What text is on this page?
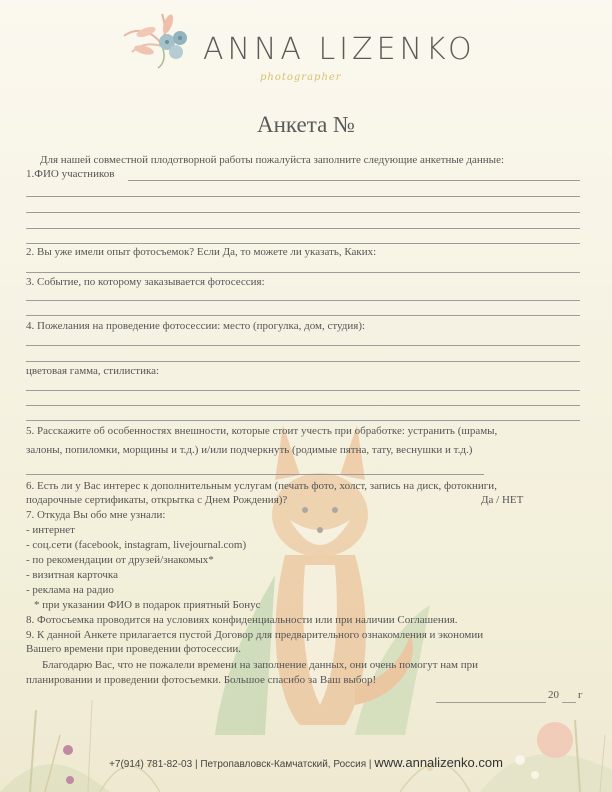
ANNA LIZENKO
photographer
Анкета №
Для нашей совместной плодотворной работы пожалуйста заполните следующие анкетные данные:
1.ФИО участников
2. Вы уже имели опыт фотосъемок? Если Да, то можете ли указать, Каких:
3. Событие, по которому заказывается фотосессия:
4. Пожелания на проведение фотосессии: место (прогулка, дом, студия):
цветовая гамма, стилистика:
5. Расскажите об особенностях внешности, которые стоит учесть при обработке: устранить (шрамы,
залоны, попиломки, морщины и т.д.) и/или подчеркнуть (родимые пятна, тату, веснушки и т.д.)
6. Есть ли у Вас интерес к дополнительным услугам (печать фото, холст, запись на диск, фотокниги,
подарочные сертификаты, открытка с Днем Рождения)?	Да / НЕТ
7. Откуда Вы обо мне узнали:
- интернет
- соц.сети (facebook, instagram, livejournal.com)
- по рекомендации от друзей/знакомых*
- визитная карточка
- реклама на радио
* при указании ФИО в подарок приятный Бонус
8. Фотосъемка проводится на условиях конфиденциальности или при наличии Соглашения.
9. К данной Анкете прилагается пустой Договор для предварительного ознакомления и экономии
Вашего времени при проведении фотосессии.
Благодарю Вас, что не пожалели времени на заполнение данных, они очень помогут нам при
планировании и проведении фотосъемки. Большое спасибо за Ваш выбор!
20 г
+7(914) 781-82-03 | Петропавловск-Камчатский, Россия | www.annalizenko.com
